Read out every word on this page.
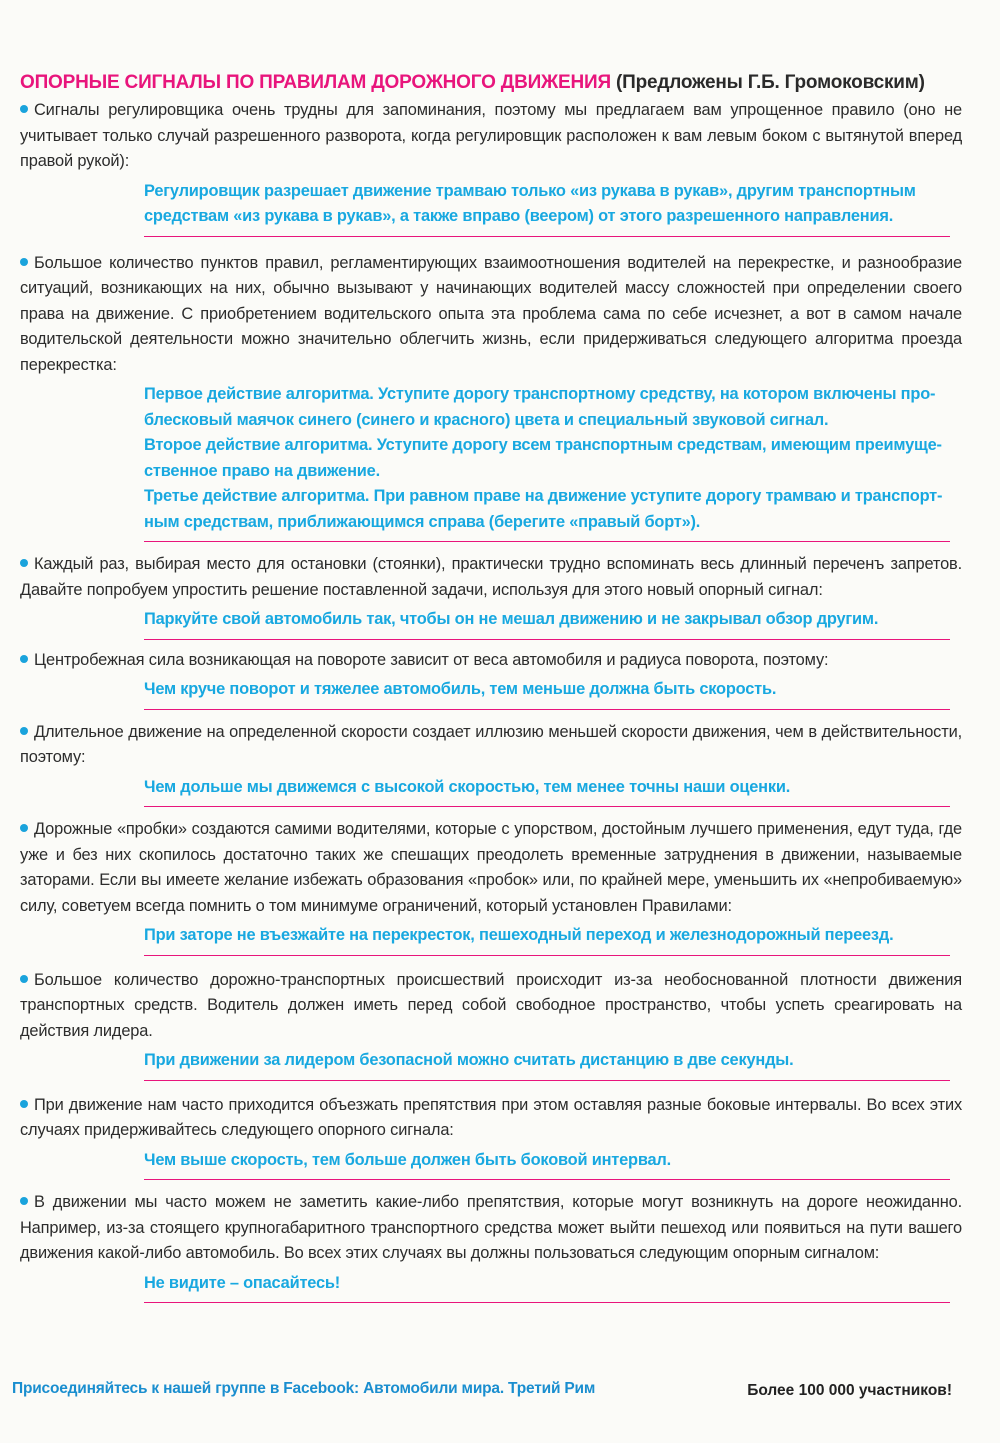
ОПОРНЫЕ СИГНАЛЫ ПО ПРАВИЛАМ ДОРОЖНОГО ДВИЖЕНИЯ (Предложены Г.Б. Громоковским)
Сигналы регулировщика очень трудны для запоминания, поэтому мы предлагаем вам упрощенное правило (оно не учитывает только случай разрешенного разворота, когда регулировщик расположен к вам левым боком с вытянутой вперед правой рукой):
Регулировщик разрешает движение трамваю только «из рукава в рукав», другим транспортным
средствам «из рукава в рукав», а также вправо (веером) от этого разрешенного направления.
Большое количество пунктов правил, регламентирующих взаимоотношения водителей на перекрестке, и разнообразие ситуаций, возникающих на них, обычно вызывают у начинающих водителей массу сложностей при определении своего права на движение. С приобретением водительского опыта эта проблема сама по себе исчезнет, а вот в самом начале водительской деятельности можно значительно облегчить жизнь, если придерживаться следующего алгоритма проезда перекрестка:
Первое действие алгоритма. Уступите дорогу транспортному средству, на котором включены про-
блесковый маячок синего (синего и красного) цвета и специальный звуковой сигнал.
Второе действие алгоритма. Уступите дорогу всем транспортным средствам, имеющим преимуще-
ственное право на движение.
Третье действие алгоритма. При равном праве на движение уступите дорогу трамваю и транспорт-
ным средствам, приближающимся справа (берегите «правый борт»).
Каждый раз, выбирая место для остановки (стоянки), практически трудно вспоминать весь длинный переченъ запретов. Давайте попробуем упростить решение поставленной задачи, используя для этого новый опорный сигнал:
Паркуйте свой автомобиль так, чтобы он не мешал движению и не закрывал обзор другим.
Центробежная сила возникающая на повороте зависит от веса автомобиля и радиуса поворота, поэтому:
Чем круче поворот и тяжелее автомобиль, тем меньше должна быть скорость.
Длительное движение на определенной скорости создает иллюзию меньшей скорости движения, чем в действительности, поэтому:
Чем дольше мы движемся с высокой скоростью, тем менее точны наши оценки.
Дорожные «пробки» создаются самими водителями, которые с упорством, достойным лучшего применения, едут туда, где уже и без них скопилось достаточно таких же спешащих преодолеть временные затруднения в движении, называемые заторами. Если вы имеете желание избежать образования «пробок» или, по крайней мере, уменьшить их «непробиваемую» силу, советуем всегда помнить о том минимуме ограничений, который установлен Правилами:
При заторе не въезжайте на перекресток, пешеходный переход и железнодорожный переезд.
Большое количество дорожно-транспортных происшествий происходит из-за необоснованной плотности движения транспортных средств. Водитель должен иметь перед собой свободное пространство, чтобы успеть среагировать на действия лидера.
При движении за лидером безопасной можно считать дистанцию в две секунды.
При движение нам часто приходится объезжать препятствия при этом оставляя разные боковые интервалы. Во всех этих случаях придерживайтесь следующего опорного сигнала:
Чем выше скорость, тем больше должен быть боковой интервал.
В движении мы часто можем не заметить какие-либо препятствия, которые могут возникнуть на дороге неожиданно. Например, из-за стоящего крупногабаритного транспортного средства может выйти пешеход или появиться на пути вашего движения какой-либо автомобиль. Во всех этих случаях вы должны пользоваться следующим опорным сигналом:
Не видите – опасайтесь!
Присоединяйтесь к нашей группе в Facebook: Автомобили мира. Третий Рим	Более 100 000 участников!
